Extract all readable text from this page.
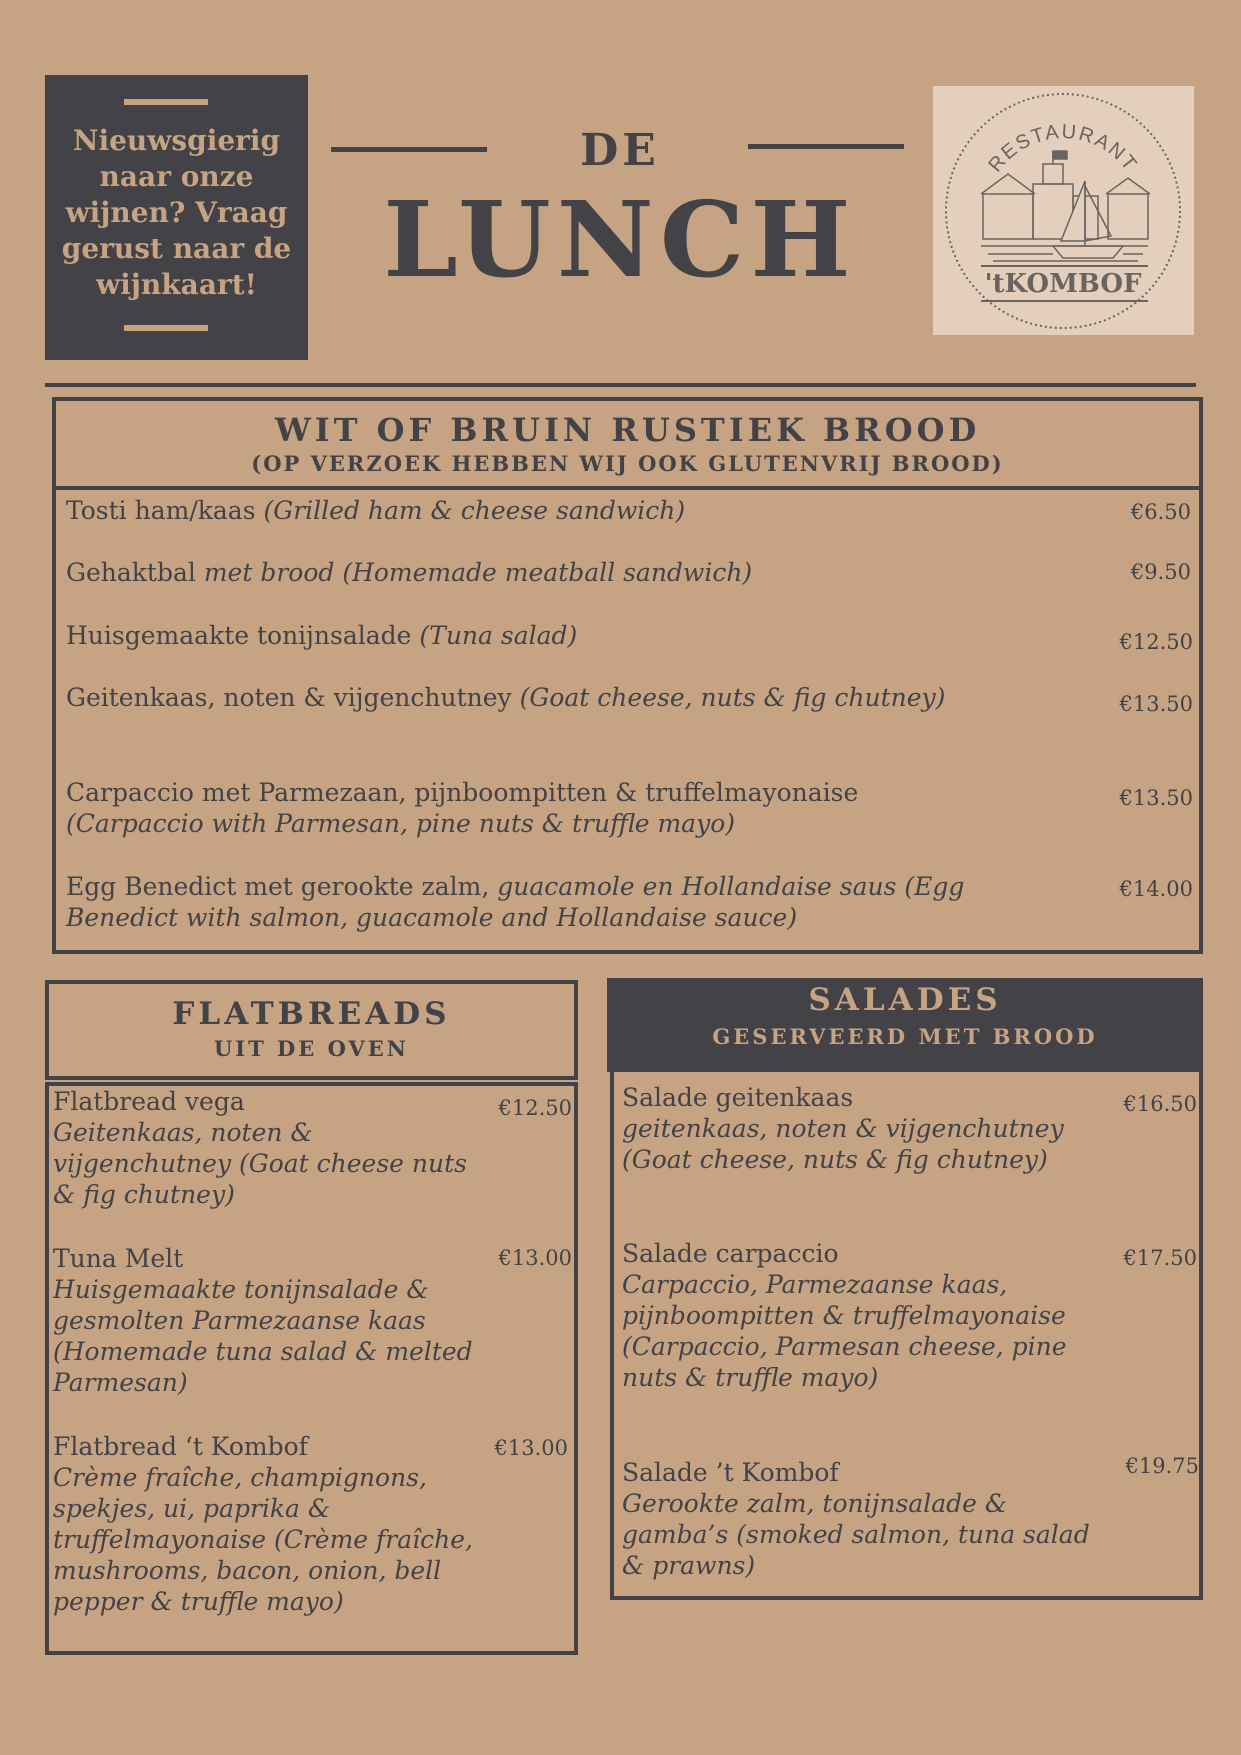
Nieuwsgierig naar onze wijnen? Vraag gerust naar de wijnkaart!
DE
LUNCH
RESTAURANT
'tKOMBOF
WIT OF BRUIN RUSTIEK BROOD
(OP VERZOEK HEBBEN WIJ OOK GLUTENVRIJ BROOD)
Tosti ham/kaas (Grilled ham & cheese sandwich)	€6.50
Gehaktbal met brood (Homemade meatball sandwich)	€9.50
Huisgemaakte tonijnsalade (Tuna salad)	€12.50
Geitenkaas, noten & vijgenchutney (Goat cheese, nuts & fig chutney)	€13.50
Carpaccio met Parmezaan, pijnboompitten & truffelmayonaise (Carpaccio with Parmesan, pine nuts & truffle mayo)
€13.50
Egg Benedict met gerookte zalm, guacamole en Hollandaise saus (Egg Benedict with salmon, guacamole and Hollandaise sauce)
€14.00
FLATBREADS
UIT DE OVEN
Flatbread vega
Geitenkaas, noten & vijgenchutney (Goat cheese nuts & fig chutney)
€12.50
Tuna Melt
Huisgemaakte tonijnsalade & gesmolten Parmezaanse kaas (Homemade tuna salad & melted Parmesan)
€13.00
Flatbread ‘t Kombof
Crème fraîche, champignons, spekjes, ui, paprika & truffelmayonaise (Crème fraîche, mushrooms, bacon, onion, bell pepper & truffle mayo)
€13.00
SALADES
GESERVEERD MET BROOD
Salade geitenkaas
geitenkaas, noten & vijgenchutney (Goat cheese, nuts & fig chutney)
€16.50
Salade carpaccio
Carpaccio, Parmezaanse kaas, pijnboompitten & truffelmayonaise (Carpaccio, Parmesan cheese, pine nuts & truffle mayo)
€17.50
Salade ’t Kombof
Gerookte zalm, tonijnsalade & gamba’s (smoked salmon, tuna salad & prawns)
€19.75
